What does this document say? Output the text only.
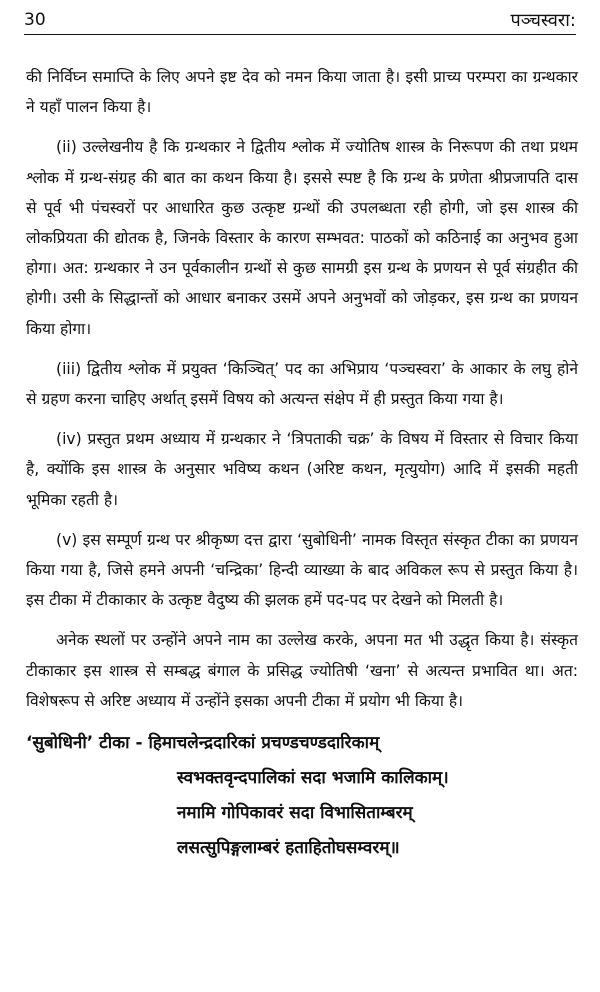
30	पञ्चस्वरा:

की निर्विघ्न समाप्ति के लिए अपने इष्ट देव को नमन किया जाता है। इसी प्राच्य परम्परा का ग्रन्थकार ने यहाँ पालन किया है।

(ii) उल्लेखनीय है कि ग्रन्थकार ने द्वितीय श्लोक में ज्योतिष शास्त्र के निरूपण की तथा प्रथम श्लोक में ग्रन्थ-संग्रह की बात का कथन किया है। इससे स्पष्ट है कि ग्रन्थ के प्रणेता श्रीप्रजापति दास से पूर्व भी पंचस्वरों पर आधारित कुछ उत्कृष्ट ग्रन्थों की उपलब्धता रही होगी, जो इस शास्त्र की लोकप्रियता की द्योतक है, जिनके विस्तार के कारण सम्भवत: पाठकों को कठिनाई का अनुभव हुआ होगा। अत: ग्रन्थकार ने उन पूर्वकालीन ग्रन्थों से कुछ सामग्री इस ग्रन्थ के प्रणयन से पूर्व संग्रहीत की होगी। उसी के सिद्धान्तों को आधार बनाकर उसमें अपने अनुभवों को जोड़कर, इस ग्रन्थ का प्रणयन किया होगा।

(iii) द्वितीय श्लोक में प्रयुक्त ‘किञ्चित्’ पद का अभिप्राय ‘पञ्चस्वरा’ के आकार के लघु होने से ग्रहण करना चाहिए अर्थात् इसमें विषय को अत्यन्त संक्षेप में ही प्रस्तुत किया गया है।

(iv) प्रस्तुत प्रथम अध्याय में ग्रन्थकार ने ‘त्रिपताकी चक्र’ के विषय में विस्तार से विचार किया है, क्योंकि इस शास्त्र के अनुसार भविष्य कथन (अरिष्ट कथन, मृत्युयोग) आदि में इसकी महती भूमिका रहती है।

(v) इस सम्पूर्ण ग्रन्थ पर श्रीकृष्ण दत्त द्वारा ‘सुबोधिनी’ नामक विस्तृत संस्कृत टीका का प्रणयन किया गया है, जिसे हमने अपनी ‘चन्द्रिका’ हिन्दी व्याख्या के बाद अविकल रूप से प्रस्तुत किया है। इस टीका में टीकाकार के उत्कृष्ट वैदुष्य की झलक हमें पद-पद पर देखने को मिलती है।

अनेक स्थलों पर उन्होंने अपने नाम का उल्लेख करके, अपना मत भी उद्धृत किया है। संस्कृत टीकाकार इस शास्त्र से सम्बद्ध बंगाल के प्रसिद्ध ज्योतिषी ‘खना’ से अत्यन्त प्रभावित था। अत: विशेषरूप से अरिष्ट अध्याय में उन्होंने इसका अपनी टीका में प्रयोग भी किया है।

‘सुबोधिनी’ टीका - हिमाचलेन्द्रदारिकां प्रचण्डचण्डदारिकाम्
स्वभक्तवृन्दपालिकां सदा भजामि कालिकाम्।
नमामि गोपिकावरं सदा विभासिताम्बरम्
लसत्सुपिङ्गलाम्बरं हताहितोघसम्वरम्॥
